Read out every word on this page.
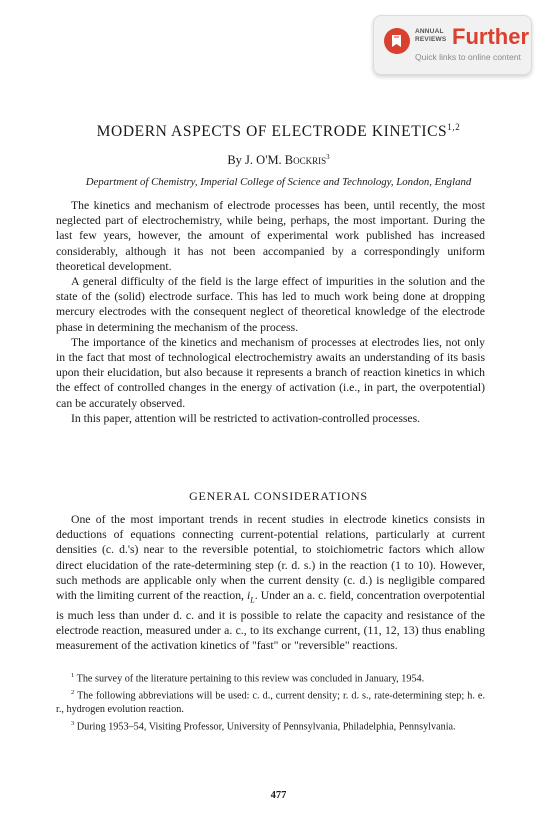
ANNUAL
REVIEWS Further
Quick links to online content
MODERN ASPECTS OF ELECTRODE KINETICS$^{1,2}$
By J. O'M. Bockris$^3$
Department of Chemistry, Imperial College of Science and Technology, London, England

The kinetics and mechanism of electrode processes has been, until recently, the most neglected part of electrochemistry, while being, perhaps, the most important. During the last few years, however, the amount of experimental work published has increased considerably, although it has not been accompanied by a correspondingly uniform theoretical development.

A general difficulty of the field is the large effect of impurities in the solution and the state of the (solid) electrode surface. This has led to much work being done at dropping mercury electrodes with the consequent neglect of theoretical knowledge of the electrode phase in determining the mechanism of the process.

The importance of the kinetics and mechanism of processes at electrodes lies, not only in the fact that most of technological electrochemistry awaits an understanding of its basis upon their elucidation, but also because it represents a branch of reaction kinetics in which the effect of controlled changes in the energy of activation (i.e., in part, the overpotential) can be accurately observed.

In this paper, attention will be restricted to activation-controlled processes.

GENERAL CONSIDERATIONS

One of the most important trends in recent studies in electrode kinetics consists in deductions of equations connecting current-potential relations, particularly at current densities (c. d.'s) near to the reversible potential, to stoichiometric factors which allow direct elucidation of the rate-determining step (r. d. s.) in the reaction (1 to 10). However, such methods are applicable only when the current density (c. d.) is negligible compared with the limiting current of the reaction, $i_L$. Under an a. c. field, concentration overpotential is much less than under d. c. and it is possible to relate the capacity and resistance of the electrode reaction, measured under a. c., to its exchange current, (11, 12, 13) thus enabling measurement of the activation kinetics of "fast" or "reversible" reactions.

$^1$ The survey of the literature pertaining to this review was concluded in January, 1954.

$^2$ The following abbreviations will be used: c. d., current density; r. d. s., rate-determining step; h. e. r., hydrogen evolution reaction.

$^3$ During 1953–54, Visiting Professor, University of Pennsylvania, Philadelphia, Pennsylvania.

477
